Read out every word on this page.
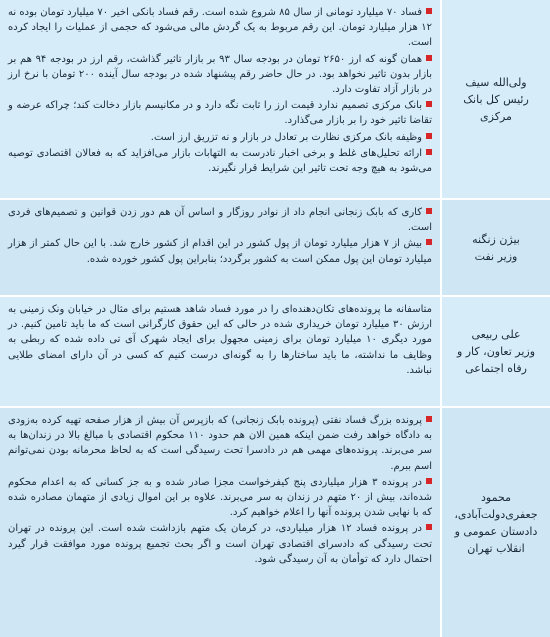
ولی‌الله سیف
رئیس کل بانک مرکزی
فساد ۷۰ میلیارد تومانی از سال ۸۵ شروع شده است. رقم فساد بانکی اخیر ۷۰ میلیارد تومان بوده نه ۱۲ هزار میلیارد تومان. این رقم مربوط به یک گردش مالی می‌شود که حجمی از عملیات را ایجاد کرده است.
همان گونه که ارز ۲۶۵۰ تومان در بودجه سال ۹۳ بر بازار تاثیر گذاشت، رقم ارز در بودجه ۹۴ هم بر بازار بدون تاثیر نخواهد بود. در حال حاضر رقم پیشنهاد شده در بودجه سال آینده ۲۰۰ تومان با نرخ ارز در بازار آزاد تفاوت دارد.
بانک مرکزی تصمیم ندارد قیمت ارز را ثابت نگه دارد و در مکانیسم بازار دخالت کند؛ چراکه عرضه و تقاضا تاثیر خود را بر بازار می‌گذارد.
وظیفه بانک مرکزی نظارت بر تعادل در بازار و نه تزریق ارز است.
ارائه تحلیل‌های غلط و برخی اخبار نادرست به التهابات بازار می‌افزاید که به فعالان اقتصادی توصیه می‌شود به هیچ وجه تحت تاثیر این شرایط قرار نگیرند.
بیژن زنگنه
وزیر نفت
کاری که بابک زنجانی انجام داد از نوادر روزگار و اساس آن هم دور زدن قوانین و تصمیم‌های فردی است.
بیش از ۷ هزار میلیارد تومان از پول کشور در این اقدام از کشور خارج شد. با این حال کمتر از هزار میلیارد تومان این پول ممکن است به کشور برگردد؛ بنابراین پول کشور خورده شده.
علی ربیعی
وزیر تعاون، کار و رفاه اجتماعی

متاسفانه ما پرونده‌های تکان‌دهنده‌ای را در مورد فساد شاهد هستیم برای مثال در خیابان ونک زمینی به ارزش ۳۰ میلیارد تومان خریداری شده در حالی که این حقوق کارگرانی است که ما باید تامین کنیم. در مورد دیگری ۱۰ میلیارد تومان برای زمینی مجهول برای ایجاد شهرک آی تی داده شده که ربطی به وظایف ما نداشته، ما باید ساختارها را به گونه‌ای درست کنیم که کسی در آن دارای امضای طلایی نباشد.

محمود جعفری‌دولت‌آبادی،
دادستان عمومی و انقلاب تهران
پرونده بزرگ فساد نفتی (پرونده بابک زنجانی) که بازپرس آن بیش از هزار صفحه تهیه کرده به‌زودی به دادگاه خواهد رفت ضمن اینکه همین الان هم حدود ۱۱۰ محکوم اقتصادی با مبالغ بالا در زندان‌ها به سر می‌برند. پرونده‌های مهمی هم در دادسرا تحت رسیدگی است که به لحاظ محرمانه بودن نمی‌توانم اسم ببرم.
در پرونده ۳ هزار میلیاردی پنج کیفرخواست مجزا صادر شده و به جز کسانی که به اعدام محکوم شده‌اند، بیش از ۲۰ متهم در زندان به سر می‌برند. علاوه بر این اموال زیادی از متهمان مصادره شده که با نهایی شدن پرونده آنها را اعلام خواهیم کرد.
در پرونده فساد ۱۲ هزار میلیاردی، در کرمان یک متهم بازداشت شده است. این پرونده در تهران تحت رسیدگی که دادسرای اقتصادی تهران است و اگر بحث تجمیع پرونده مورد موافقت قرار گیرد احتمال دارد که توأمان به آن رسیدگی شود.
